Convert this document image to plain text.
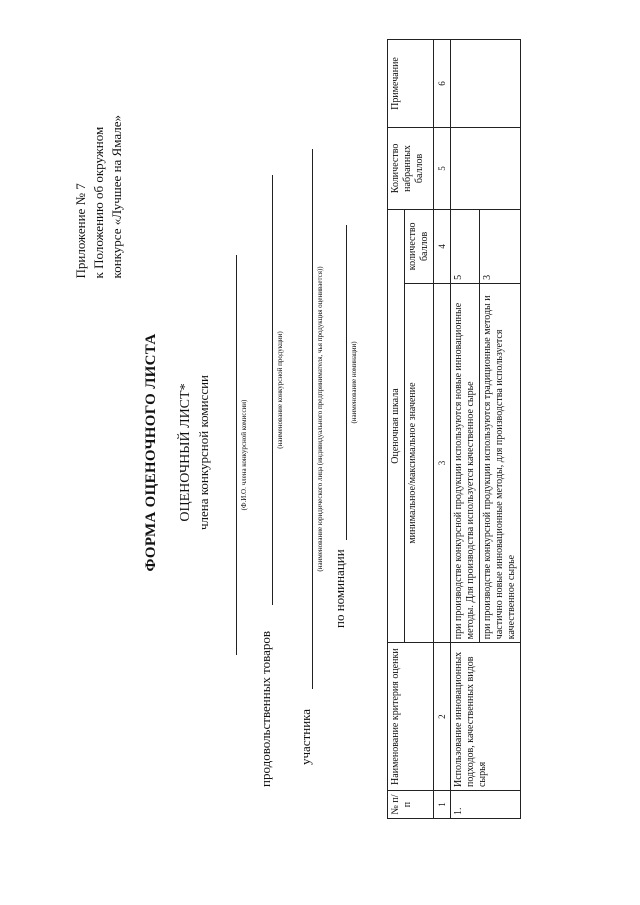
Приложение № 7 к Положению об окружном конкурсе «Лучшее на Ямале»
ФОРМА ОЦЕНОЧНОГО ЛИСТА ОЦЕНОЧНЫЙ ЛИСТ* члена конкурсной комиссии	(Ф.И.О. члена конкурсной комиссии)
продовольственных товаров
(наименование конкурсной продукции)
участника
(наименование юридического лица (индивидуального предпринимателя, чья продукция оценивается))
по номинации
(наименование номинации)
№ п/п	Наименование критерия оценки	Оценочная шкала		Количество набранных баллов	Примечание
		минимальное/максимальное значение	количество баллов		
1	2	3	4	5	6
1.	Использование инновационных подходов, качественных видов сырья	при производстве конкурсной продукции используются новые инновационные методы. Для производства используется качественное сырье	5		
		при производстве конкурсной продукции используются традиционные методы и частично новые инновационные методы, для производства используется качественное сырье	3		
